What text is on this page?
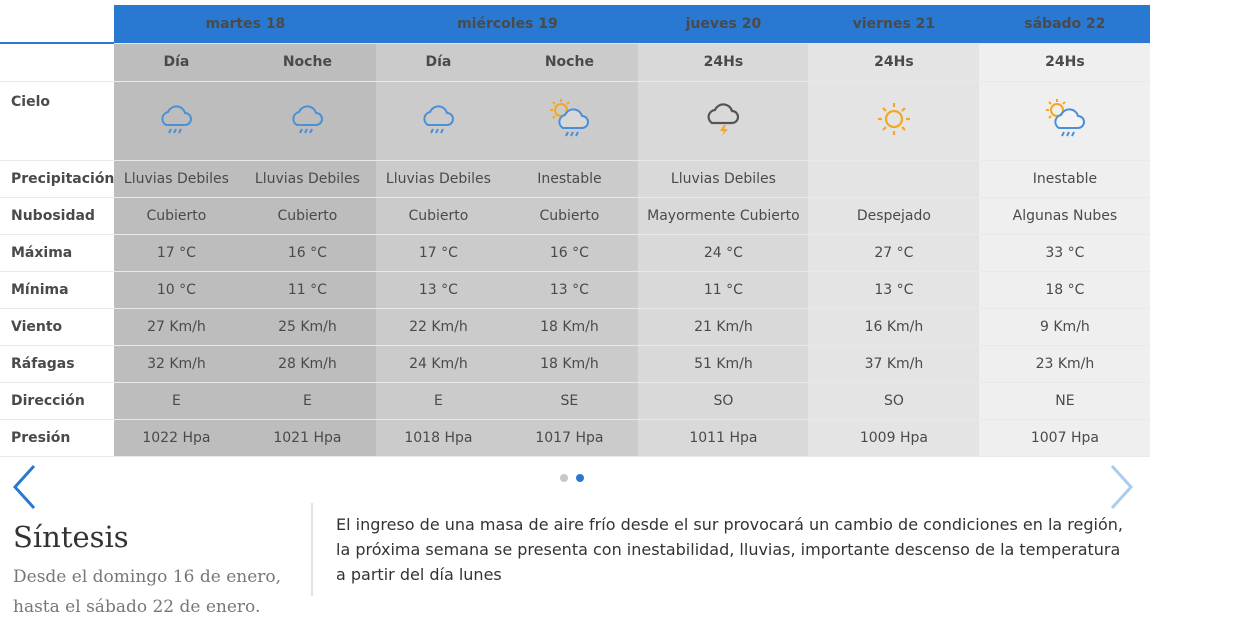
	martes 18		miércoles 19		jueves 20	viernes 21	sábado 22
	Día	Noche	Día	Noche	24Hs	24Hs	24Hs
Cielo							
Precipitación	Lluvias Debiles	Lluvias Debiles	Lluvias Debiles	Inestable	Lluvias Debiles		Inestable
Nubosidad	Cubierto	Cubierto	Cubierto	Cubierto	Mayormente Cubierto	Despejado	Algunas Nubes
Máxima	17 °C	16 °C	17 °C	16 °C	24 °C	27 °C	33 °C
Mínima	10 °C	11 °C	13 °C	13 °C	11 °C	13 °C	18 °C
Viento	27 Km/h	25 Km/h	22 Km/h	18 Km/h	21 Km/h	16 Km/h	9 Km/h
Ráfagas	32 Km/h	28 Km/h	24 Km/h	18 Km/h	51 Km/h	37 Km/h	23 Km/h
Dirección	E	E	E	SE	SO	SO	NE
Presión	1022 Hpa	1021 Hpa	1018 Hpa	1017 Hpa	1011 Hpa	1009 Hpa	1007 Hpa
Síntesis
Desde el domingo 16 de enero, hasta el sábado 22 de enero.
El ingreso de una masa de aire frío desde el sur provocará un cambio de condiciones en la región, la próxima semana se presenta con inestabilidad, lluvias, importante descenso de la temperatura a partir del día lunes
